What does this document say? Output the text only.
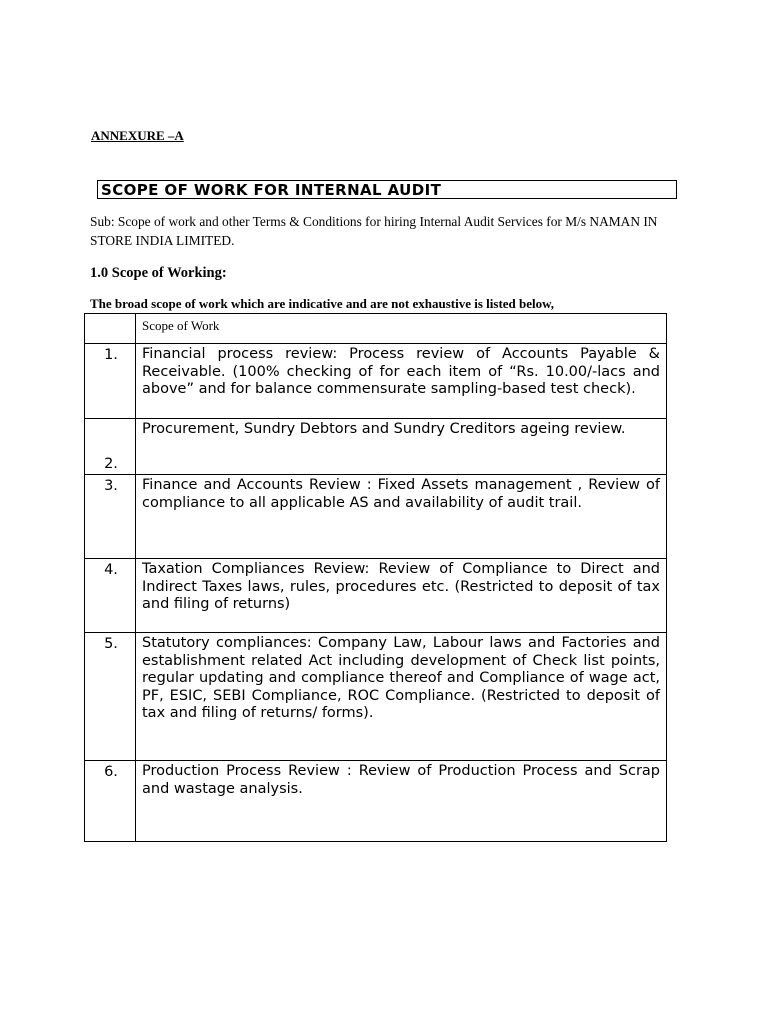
ANNEXURE –A
SCOPE OF WORK FOR INTERNAL AUDIT
Sub: Scope of work and other Terms & Conditions for hiring Internal Audit Services for M/s NAMAN IN STORE INDIA LIMITED.
1.0 Scope of Working:
The broad scope of work which are indicative and are not exhaustive is listed below,
	Scope of Work

1.	Financial process review: Process review of Accounts Payable & Receivable. (100% checking of for each item of “Rs. 10.00/-lacs and above” and for balance commensurate sampling-based test check).

2.	Procurement, Sundry Debtors and Sundry Creditors ageing review.

3.	Finance and Accounts Review : Fixed Assets management , Review of compliance to all applicable AS and availability of audit trail.

4.	Taxation Compliances Review: Review of Compliance to Direct and Indirect Taxes laws, rules, procedures etc. (Restricted to deposit of tax and filing of returns)

5.	Statutory compliances: Company Law, Labour laws and Factories and establishment related Act including development of Check list points, regular updating and compliance thereof and Compliance of wage act, PF, ESIC, SEBI Compliance, ROC Compliance. (Restricted to deposit of tax and filing of returns/ forms).

6.	Production Process Review : Review of Production Process and Scrap and wastage analysis.
